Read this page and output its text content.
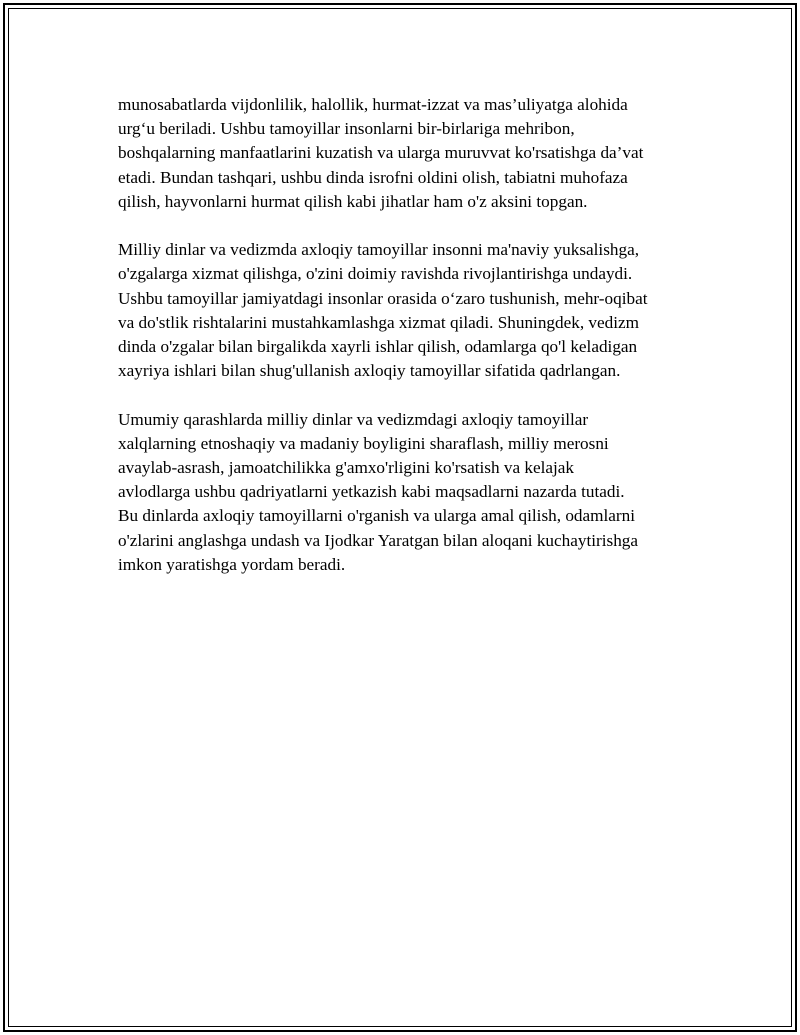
munosabatlarda vijdonlilik, halollik, hurmat-izzat va mas’uliyatga alohida
urg‘u beriladi. Ushbu tamoyillar insonlarni bir-birlariga mehribon,
boshqalarning manfaatlarini kuzatish va ularga muruvvat ko'rsatishga da’vat
etadi. Bundan tashqari, ushbu dinda isrofni oldini olish, tabiatni muhofaza
qilish, hayvonlarni hurmat qilish kabi jihatlar ham o'z aksini topgan.

Milliy dinlar va vedizmda axloqiy tamoyillar insonni ma'naviy yuksalishga,
o'zgalarga xizmat qilishga, o'zini doimiy ravishda rivojlantirishga undaydi.
Ushbu tamoyillar jamiyatdagi insonlar orasida o‘zaro tushunish, mehr-oqibat
va do'stlik rishtalarini mustahkamlashga xizmat qiladi. Shuningdek, vedizm
dinda o'zgalar bilan birgalikda xayrli ishlar qilish, odamlarga qo'l keladigan
xayriya ishlari bilan shug'ullanish axloqiy tamoyillar sifatida qadrlangan.

Umumiy qarashlarda milliy dinlar va vedizmdagi axloqiy tamoyillar
xalqlarning etnoshaqiy va madaniy boyligini sharaflash, milliy merosni
avaylab-asrash, jamoatchilikka g'amxo'rligini ko'rsatish va kelajak
avlodlarga ushbu qadriyatlarni yetkazish kabi maqsadlarni nazarda tutadi.
Bu dinlarda axloqiy tamoyillarni o'rganish va ularga amal qilish, odamlarni
o'zlarini anglashga undash va Ijodkar Yaratgan bilan aloqani kuchaytirishga
imkon yaratishga yordam beradi.
